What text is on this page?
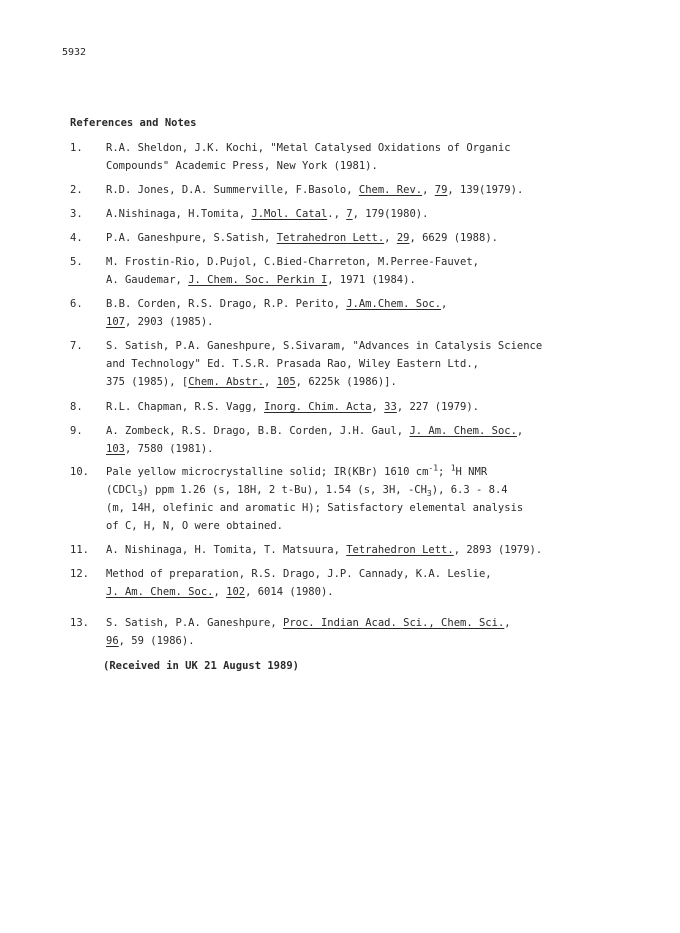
5932
References and Notes
1. R.A. Sheldon, J.K. Kochi, "Metal Catalysed Oxidations of Organic
Compounds" Academic Press, New York (1981).
2. R.D. Jones, D.A. Summerville, F.Basolo, Chem. Rev., 79, 139(1979).
3. A.Nishinaga, H.Tomita, J.Mol. Catal., 7, 179(1980).
4. P.A. Ganeshpure, S.Satish, Tetrahedron Lett., 29, 6629 (1988).
5. M. Frostin-Rio, D.Pujol, C.Bied-Charreton, M.Perree-Fauvet,
A. Gaudemar, J. Chem. Soc. Perkin I, 1971 (1984).
6. B.B. Corden, R.S. Drago, R.P. Perito, J.Am.Chem. Soc.,
107, 2903 (1985).
7. S. Satish, P.A. Ganeshpure, S.Sivaram, "Advances in Catalysis Science
and Technology" Ed. T.S.R. Prasada Rao, Wiley Eastern Ltd.,
375 (1985), [Chem. Abstr., 105, 6225k (1986)].
8. R.L. Chapman, R.S. Vagg, Inorg. Chim. Acta, 33, 227 (1979).
9. A. Zombeck, R.S. Drago, B.B. Corden, J.H. Gaul, J. Am. Chem. Soc.,
103, 7580 (1981).
10. Pale yellow microcrystalline solid; IR(KBr) 1610 $cm^{-1}$; $^1$H NMR
(CDCl$_3$) ppm 1.26 (s, 18H, 2 t-Bu), 1.54 (s, 3H, $-CH_3$), 6.3 - 8.4
(m, 14H, olefinic and aromatic H); Satisfactory elemental analysis
of C, H, N, O were obtained.
11. A. Nishinaga, H. Tomita, T. Matsuura, Tetrahedron Lett., 2893 (1979).
12. Method of preparation, R.S. Drago, J.P. Cannady, K.A. Leslie,
J. Am. Chem. Soc., 102, 6014 (1980).
13. S. Satish, P.A. Ganeshpure, Proc. Indian Acad. Sci., Chem. Sci.,
96, 59 (1986).
(Received in UK 21 August 1989)
